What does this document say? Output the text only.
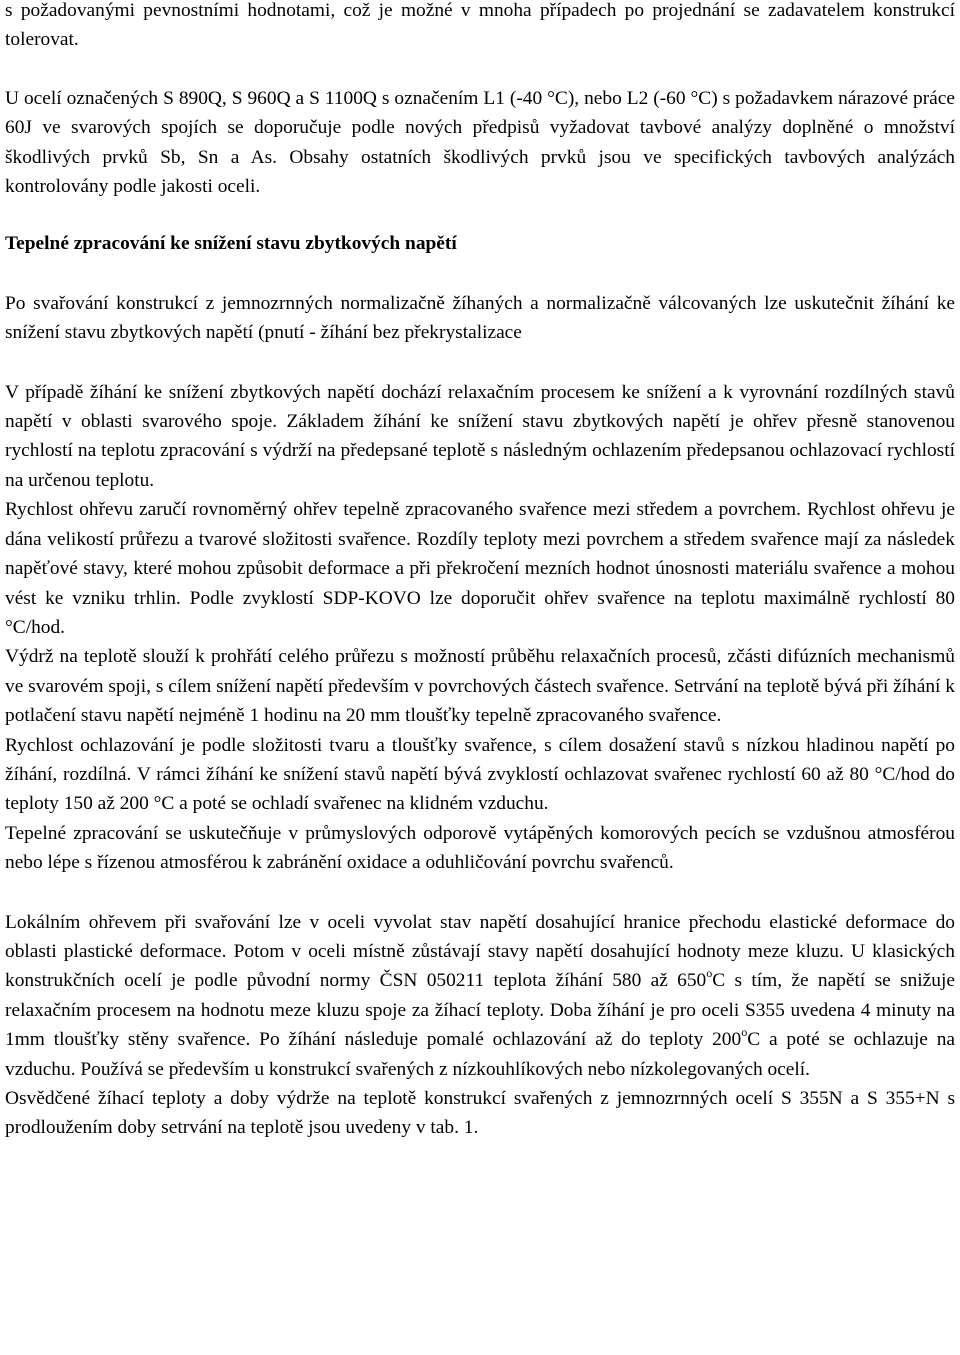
s požadovanými pevnostními hodnotami, což je možné v mnoha případech po projednání se zadavatelem konstrukcí tolerovat.

U ocelí označených S 890Q, S 960Q a S 1100Q s označením L1 (-40 °C), nebo L2 (-60 °C) s požadavkem nárazové práce 60J ve svarových spojích se doporučuje podle nových předpisů vyžadovat tavbové analýzy doplněné o množství škodlivých prvků Sb, Sn a As. Obsahy ostatních škodlivých prvků jsou ve specifických tavbových analýzách kontrolovány podle jakosti oceli.

Tepelné zpracování ke snížení stavu zbytkových napětí

Po svařování konstrukcí z jemnozrnných normalizačně žíhaných a normalizačně válcovaných lze uskutečnit žíhání ke snížení stavu zbytkových napětí (pnutí - žíhání bez překrystalizace

V případě žíhání ke snížení zbytkových napětí dochází relaxačním procesem ke snížení a k vyrovnání rozdílných stavů napětí v oblasti svarového spoje. Základem žíhání ke snížení stavu zbytkových napětí je ohřev přesně stanovenou rychlostí na teplotu zpracování s výdrží na předepsané teplotě s následným ochlazením předepsanou ochlazovací rychlostí na určenou teplotu.

Rychlost ohřevu zaručí rovnoměrný ohřev tepelně zpracovaného svařence mezi středem a povrchem. Rychlost ohřevu je dána velikostí průřezu a tvarové složitosti svařence. Rozdíly teploty mezi povrchem a středem svařence mají za následek napěťové stavy, které mohou způsobit deformace a při překročení mezních hodnot únosnosti materiálu svařence a mohou vést ke vzniku trhlin. Podle zvyklostí SDP-KOVO lze doporučit ohřev svařence na teplotu maximálně rychlostí 80 °C/hod.

Výdrž na teplotě slouží k prohřátí celého průřezu s možností průběhu relaxačních procesů, zčásti difúzních mechanismů ve svarovém spoji, s cílem snížení napětí především v povrchových částech svařence. Setrvání na teplotě bývá při žíhání k potlačení stavu napětí nejméně 1 hodinu na 20 mm tloušťky tepelně zpracovaného svařence.

Rychlost ochlazování je podle složitosti tvaru a tloušťky svařence, s cílem dosažení stavů s nízkou hladinou napětí po žíhání, rozdílná. V rámci žíhání ke snížení stavů napětí bývá zvyklostí ochlazovat svařenec rychlostí 60 až 80 °C/hod do teploty 150 až 200 °C a poté se ochladí svařenec na klidném vzduchu.

Tepelné zpracování se uskutečňuje v průmyslových odporově vytápěných komorových pecích se vzdušnou atmosférou nebo lépe s řízenou atmosférou k zabránění oxidace a oduhličování povrchu svařenců.

Lokálním ohřevem při svařování lze v oceli vyvolat stav napětí dosahující hranice přechodu elastické deformace do oblasti plastické deformace. Potom v oceli místně zůstávají stavy napětí dosahující hodnoty meze kluzu. U klasických konstrukčních ocelí je podle původní normy ČSN 050211 teplota žíhání 580 až 650$^o$C s tím, že napětí se snižuje relaxačním procesem na hodnotu meze kluzu spoje za žíhací teploty. Doba žíhání je pro oceli S355 uvedena 4 minuty na 1mm tloušťky stěny svařence. Po žíhání následuje pomalé ochlazování až do teploty 200$^o$C a poté se ochlazuje na vzduchu. Používá se především u konstrukcí svařených z nízkouhlíkových nebo nízkolegovaných ocelí.

Osvědčené žíhací teploty a doby výdrže na teplotě konstrukcí svařených z jemnozrnných ocelí S 355N a S 355+N s prodloužením doby setrvání na teplotě jsou uvedeny v tab. 1.
